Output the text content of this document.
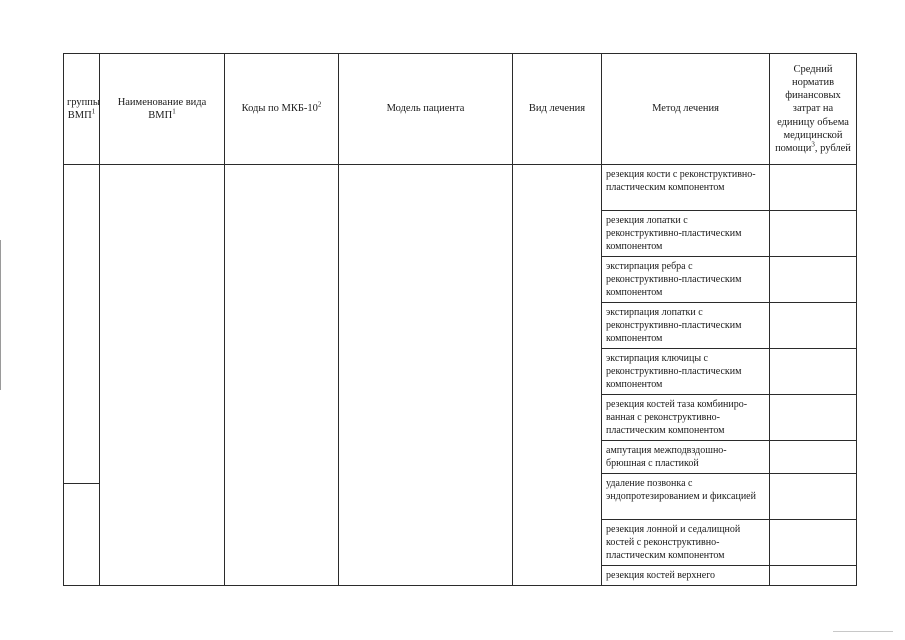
группы ВМП$^1$	Наименование вида ВМП$^1$	Коды по МКБ-$10^2$	Модель пациента	Вид лечения	Метод лечения	Средний норматив финансовых затрат на единицу объема медицинской помощи$^3$, рублей

					резекция кости с реконструктивно-пластическим компонентом	
					резекция лопатки с реконструктивно-пластическим компонентом	
					экстирпация ребра с реконструктивно-пластическим компонентом	
					экстирпация лопатки с реконструктивно-пластическим компонентом	
					экстирпация ключицы с реконструктивно-пластическим компонентом	
					резекция костей таза комбиниро-ванная с реконструктивно-пластическим компонентом	
					ампутация межподвздошно-брюшная с пластикой	
					удаление позвонка с эндопротезированием и фиксацией	
					резекция лонной и седалищной костей с реконструктивно-пластическим компонентом	
					резекция костей верхнего	
